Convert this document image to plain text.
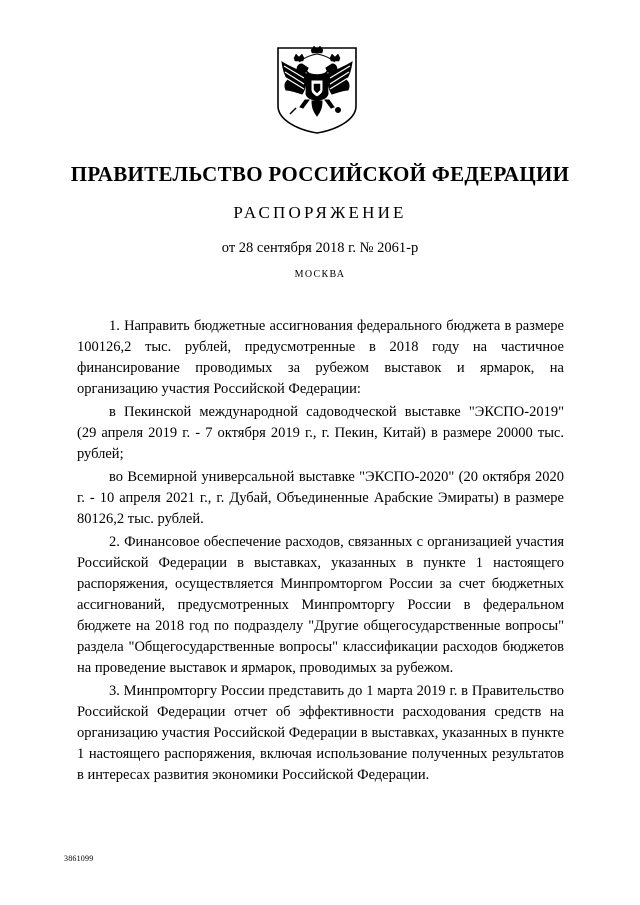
ПРАВИТЕЛЬСТВО РОССИЙСКОЙ ФЕДЕРАЦИИ
РАСПОРЯЖЕНИЕ
от 28 сентября 2018 г. № 2061-р
МОСКВА

1. Направить бюджетные ассигнования федерального бюджета в размере 100126,2 тыс. рублей, предусмотренные в 2018 году на частичное финансирование проводимых за рубежом выставок и ярмарок, на организацию участия Российской Федерации:

в Пекинской международной садоводческой выставке "ЭКСПО-2019" (29 апреля 2019 г. - 7 октября 2019 г., г. Пекин, Китай) в размере 20000 тыс. рублей;

во Всемирной универсальной выставке "ЭКСПО-2020" (20 октября 2020 г. - 10 апреля 2021 г., г. Дубай, Объединенные Арабские Эмираты) в размере 80126,2 тыс. рублей.

2. Финансовое обеспечение расходов, связанных с организацией участия Российской Федерации в выставках, указанных в пункте 1 настоящего распоряжения, осуществляется Минпромторгом России за счет бюджетных ассигнований, предусмотренных Минпромторгу России в федеральном бюджете на 2018 год по подразделу "Другие общегосударственные вопросы" раздела "Общегосударственные вопросы" классификации расходов бюджетов на проведение выставок и ярмарок, проводимых за рубежом.

3. Минпромторгу России представить до 1 марта 2019 г. в Правительство Российской Федерации отчет об эффективности расходования средств на организацию участия Российской Федерации в выставках, указанных в пункте 1 настоящего распоряжения, включая использование полученных результатов в интересах развития экономики Российской Федерации.

3861099
